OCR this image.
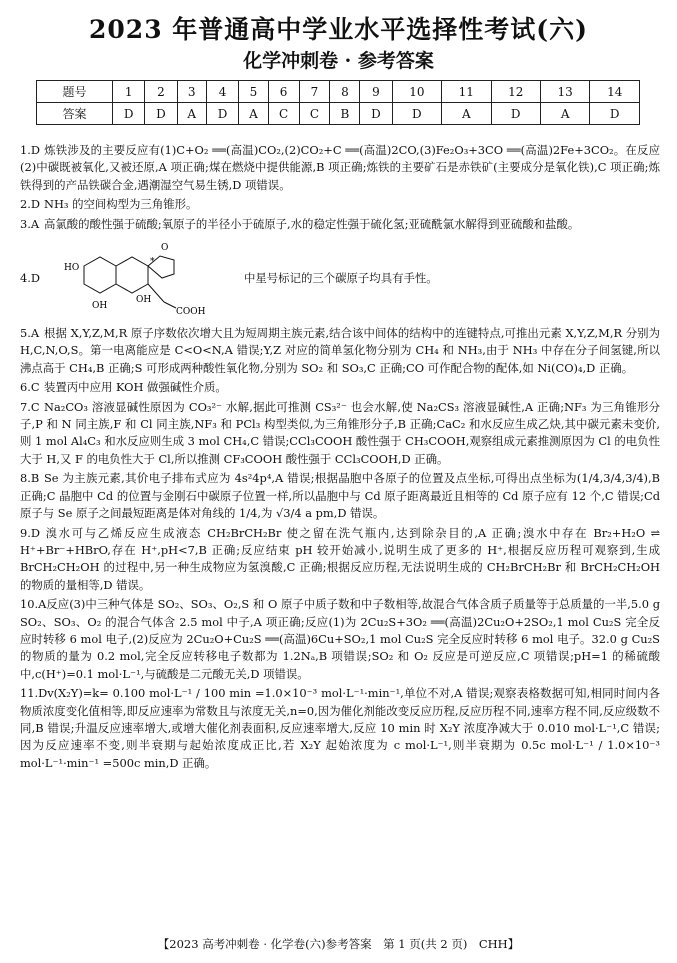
2023 年普通高中学业水平选择性考试(六)
化学冲刺卷 · 参考答案
题号	1	2	3	4	5	6	7	8	9	10	11	12	13	14
答案	D	D	A	D	A	C	C	B	D	D	A	D	A	D

1.D 炼铁涉及的主要反应有(1)C+O₂ ══(高温)CO₂,(2)CO₂+C ══(高温)2CO,(3)Fe₂O₃+3CO ══(高温)2Fe+3CO₂。在反应(2)中碳既被氧化,又被还原,A 项正确;煤在燃烧中提供能源,B 项正确;炼铁的主要矿石是赤铁矿(主要成分是氧化铁),C 项正确;炼铁得到的产品铁碳合金,遇潮湿空气易生锈,D 项错误。

2.D NH₃ 的空间构型为三角锥形。

3.A 高氯酸的酸性强于硫酸;氧原子的半径小于硫原子,水的稳定性强于硫化氢;亚硫酰氯水解得到亚硫酸和盐酸。

4.D
HO
OH
OH
COOH
O
*
中星号标记的三个碳原子均具有手性。

5.A 根据 X,Y,Z,M,R 原子序数依次增大且为短周期主族元素,结合该中间体的结构中的连键特点,可推出元素 X,Y,Z,M,R 分别为 H,C,N,O,S。第一电离能应是 C<O<N,A 错误;Y,Z 对应的简单氢化物分别为 CH₄ 和 NH₃,由于 NH₃ 中存在分子间氢键,所以沸点高于 CH₄,B 正确;S 可形成两种酸性氧化物,分别为 SO₂ 和 SO₃,C 正确;CO 可作配合物的配体,如 Ni(CO)₄,D 正确。

6.C 装置丙中应用 KOH 做强碱性介质。

7.C Na₂CO₃ 溶液显碱性原因为 CO₃²⁻ 水解,据此可推测 CS₃²⁻ 也会水解,使 Na₂CS₃ 溶液显碱性,A 正确;NF₃ 为三角锥形分子,P 和 N 同主族,F 和 Cl 同主族,NF₃ 和 PCl₃ 构型类似,为三角锥形分子,B 正确;CaC₂ 和水反应生成乙炔,其中碳元素未变价,则 1 mol Al₄C₃ 和水反应则生成 3 mol CH₄,C 错误;CCl₃COOH 酸性强于 CH₃COOH,观察组成元素推测原因为 Cl 的电负性大于 H,又 F 的电负性大于 Cl,所以推测 CF₃COOH 酸性强于 CCl₃COOH,D 正确。

8.B Se 为主族元素,其价电子排布式应为 4s²4p⁴,A 错误;根据晶胞中各原子的位置及点坐标,可得出点坐标为(1/4,3/4,3/4),B 正确;C 晶胞中 Cd 的位置与金刚石中碳原子位置一样,所以晶胞中与 Cd 原子距离最近且相等的 Cd 原子应有 12 个,C 错误;Cd 原子与 Se 原子之间最短距离是体对角线的 1/4,为 √3/4 a pm,D 错误。

9.D 溴水可与乙烯反应生成液态 CH₂BrCH₂Br 使之留在洗气瓶内,达到除杂目的,A 正确;溴水中存在 Br₂+H₂O ⇌ H⁺+Br⁻+HBrO,存在 H⁺,pH<7,B 正确;反应结束 pH 较开始减小,说明生成了更多的 H⁺,根据反应历程可观察到,生成 BrCH₂CH₂OH 的过程中,另一种生成物应为氢溴酸,C 正确;根据反应历程,无法说明生成的 CH₂BrCH₂Br 和 BrCH₂CH₂OH 的物质的量相等,D 错误。

10.A反应(3)中三种气体是 SO₂、SO₃、O₂,S 和 O 原子中质子数和中子数相等,故混合气体含质子质量等于总质量的一半,5.0 g SO₂、SO₃、O₂ 的混合气体含 2.5 mol 中子,A 项正确;反应(1)为 2Cu₂S+3O₂ ══(高温)2Cu₂O+2SO₂,1 mol Cu₂S 完全反应时转移 6 mol 电子,(2)反应为 2Cu₂O+Cu₂S ══(高温)6Cu+SO₂,1 mol Cu₂S 完全反应时转移 6 mol 电子。32.0 g Cu₂S 的物质的量为 0.2 mol,完全反应转移电子数都为 1.2Nₐ,B 项错误;SO₂ 和 O₂ 反应是可逆反应,C 项错误;pH=1 的稀硫酸中,c(H⁺)=0.1 mol·L⁻¹,与硫酸是二元酸无关,D 项错误。

11.Dv(X₂Y)=k= 0.100 mol·L⁻¹ / 100 min =1.0×10⁻³ mol·L⁻¹·min⁻¹,单位不对,A 错误;观察表格数据可知,相同时间内各物质浓度变化值相等,即反应速率为常数且与浓度无关,n=0,因为催化剂能改变反应历程,反应历程不同,速率方程不同,反应级数不同,B 错误;升温反应速率增大,或增大催化剂表面积,反应速率增大,反应 10 min 时 X₂Y 浓度净减大于 0.010 mol·L⁻¹,C 错误;因为反应速率不变,则半衰期与起始浓度成正比,若 X₂Y 起始浓度为 c mol·L⁻¹,则半衰期为 0.5c mol·L⁻¹ / 1.0×10⁻³ mol·L⁻¹·min⁻¹ =500c min,D 正确。

【2023 高考冲刺卷 · 化学卷(六)参考答案　第 1 页(共 2 页)　CHH】
